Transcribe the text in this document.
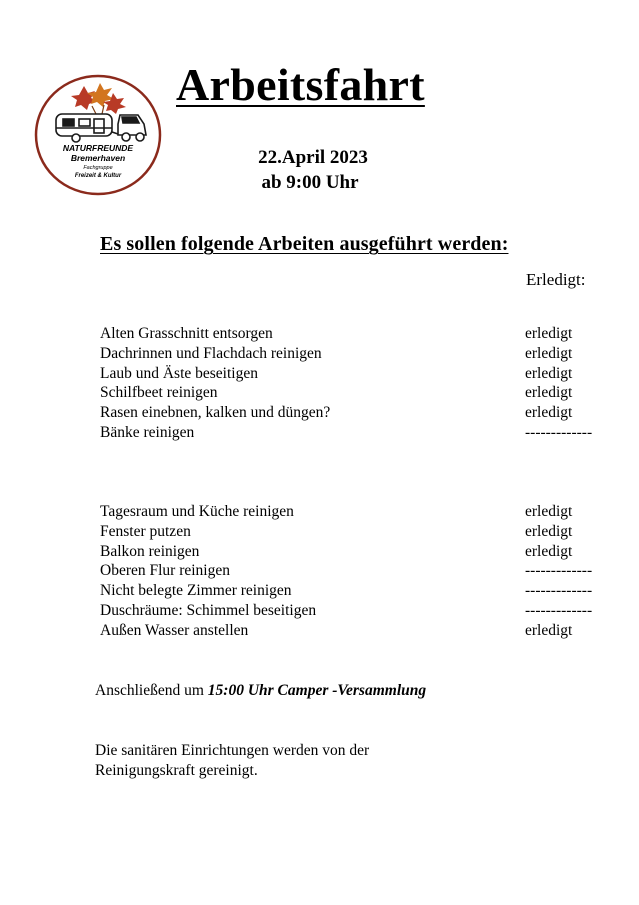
NATURFREUNDE
Bremerhaven
Fachgruppe
Freizeit & Kultur
Arbeitsfahrt
22.April 2023
ab 9:00 Uhr
Es sollen folgende Arbeiten ausgeführt werden:
Erledigt:
Alten Grasschnitt entsorgen	erledigt
Dachrinnen und Flachdach reinigen	erledigt
Laub und Äste beseitigen	erledigt
Schilfbeet reinigen	erledigt
Rasen einebnen, kalken und düngen?	erledigt
Bänke reinigen	-------------
Tagesraum und Küche reinigen	erledigt
Fenster putzen	erledigt
Balkon reinigen	erledigt
Oberen Flur reinigen	-------------
Nicht belegte Zimmer reinigen	-------------
Duschräume: Schimmel beseitigen	-------------
Außen Wasser anstellen	erledigt
Anschließend um 15:00 Uhr Camper -Versammlung

Die sanitären Einrichtungen werden von der
Reinigungskraft gereinigt.
